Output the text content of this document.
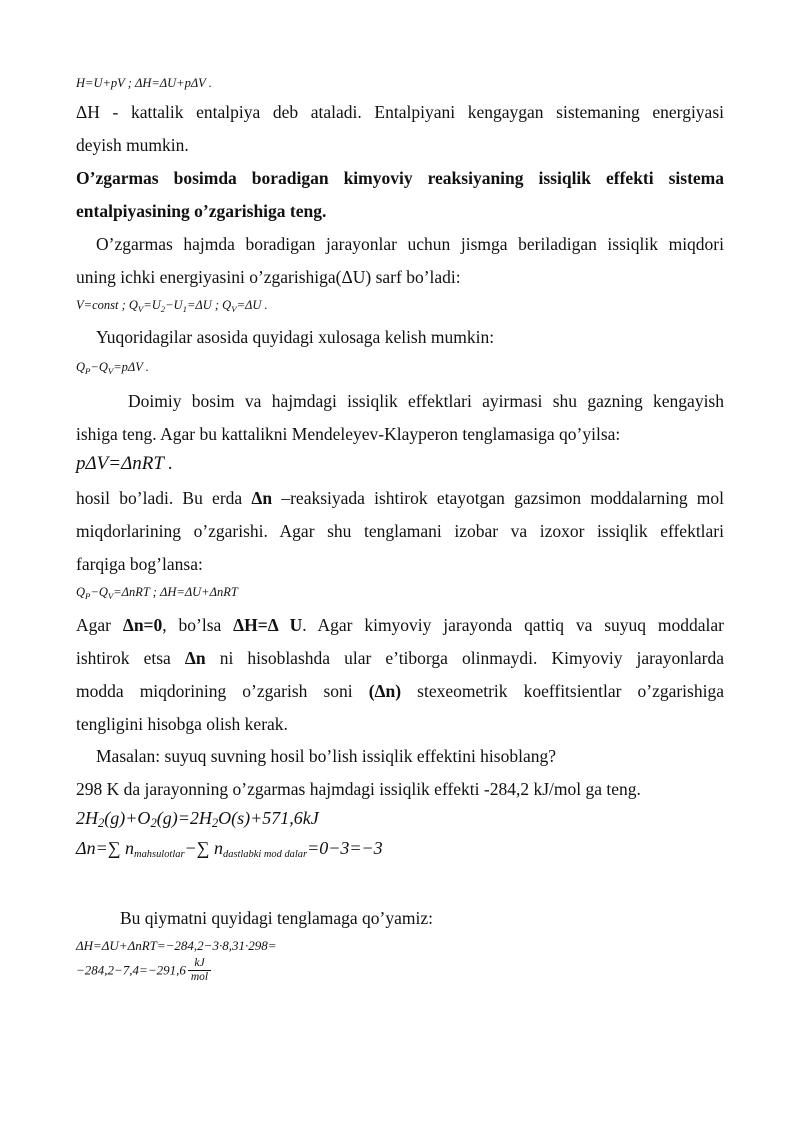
H=U+pV ; ΔH=ΔU+pΔV .
ΔH - kattalik entalpiya deb ataladi. Entalpiyani kengaygan sistemaning energiyasi
deyish mumkin.
O’zgarmas bosimda boradigan kimyoviy reaksiyaning issiqlik effekti sistema
entalpiyasining o’zgarishiga teng.
O’zgarmas hajmda boradigan jarayonlar uchun jismga beriladigan issiqlik miqdori
uning ichki energiyasini o’zgarishiga(ΔU) sarf bo’ladi:
V=const ; $Q_V=U_2-U_1=\Delta U$ ; $Q_V=\Delta U$ .
Yuqoridagilar asosida quyidagi xulosaga kelish mumkin:
$Q_P-Q_V=p\Delta V$ .
Doimiy bosim va hajmdagi issiqlik effektlari ayirmasi shu gazning kengayish
ishiga teng. Agar bu kattalikni Mendeleyev-Klayperon tenglamasiga qo’yilsa:
pΔV=ΔnRT .
hosil bo’ladi. Bu erda Δn –reaksiyada ishtirok etayotgan gazsimon moddalarning mol
miqdorlarining o’zgarishi. Agar shu tenglamani izobar va izoxor issiqlik effektlari
farqiga bog’lansa:
$Q_P-Q_V=\Delta nRT$ ; ΔH=ΔU+ΔnRT
Agar Δn=0, bo’lsa ΔH=Δ U. Agar kimyoviy jarayonda qattiq va suyuq moddalar
ishtirok etsa Δn ni hisoblashda ular e’tiborga olinmaydi. Kimyoviy jarayonlarda
modda miqdorining o’zgarish soni (Δn) stexeometrik koeffitsientlar o’zgarishiga
tengligini hisobga olish kerak.
Masalan: suyuq suvning hosil bo’lish issiqlik effektini hisoblang?
298 K da jarayonning o’zgarmas hajmdagi issiqlik effekti -284,2 kJ/mol ga teng.
$2H_2(g)+O_2(g)=2H_2O(s)+571,6kJ$
Δn=∑ $n_{mahsulotlar}-\sum$ $n_{dastlabki mod dalar}=0-3=-3$
Bu qiymatni quyidagi tenglamaga qo’yamiz:
ΔH=ΔU+ΔnRT=−284,2−3·8,31·298=
$-284,2-7,4=-291,6 \frac{kJ}{\text{mol}}$
